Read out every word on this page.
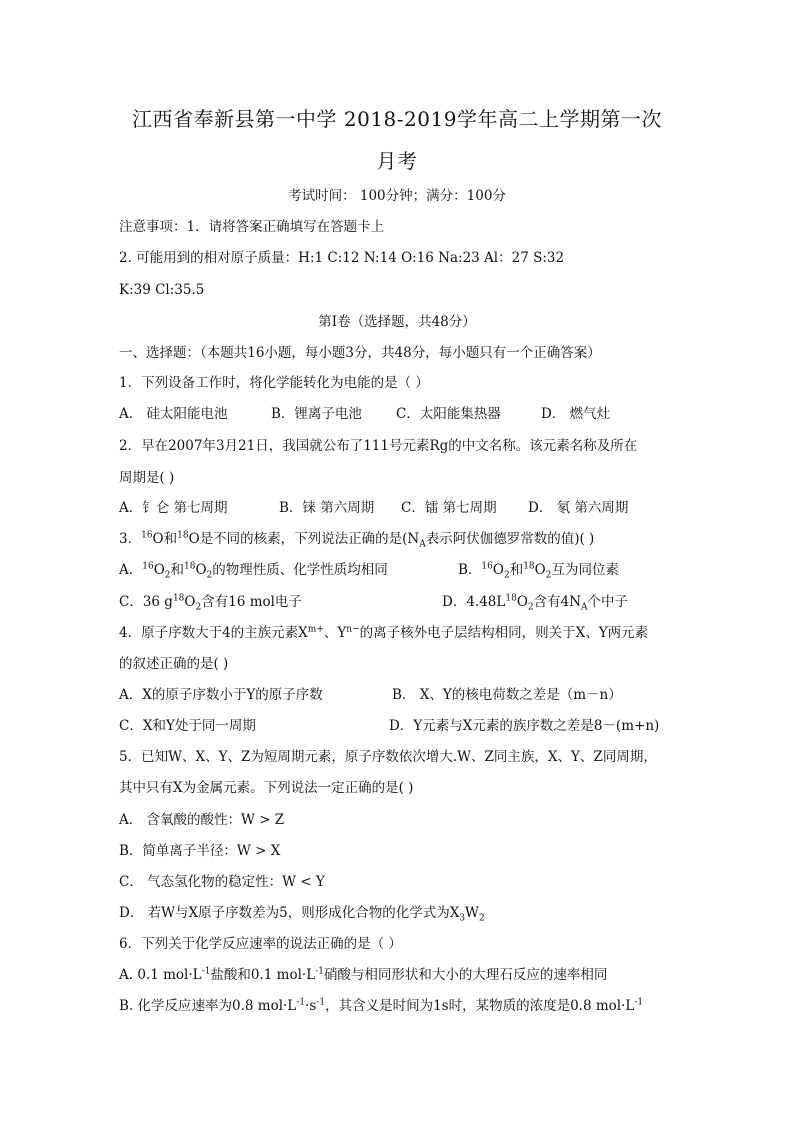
江西省奉新县第一中学 2018-2019学年高二上学期第一次
月考
考试时间： 100分钟；满分：100分
注意事项：1．请将答案正确填写在答题卡上
2. 可能用到的相对原子质量：H:1 C:12 N:14 O:16 Na:23 Al：27 S:32
K:39 Cl:35.5
第I卷（选择题，共48分）
一、选择题：（本题共16小题，每小题3分，共48分，每小题只有一个正确答案）
1．下列设备工作时，将化学能转化为电能的是（ ）
A． 硅太阳能电池	B．锂离子电池	C．太阳能集热器	D． 燃气灶
2．早在2007年3月21日，我国就公布了111号元素Rg的中文名称。该元素名称及所在
周期是( )
A．钅仑 第七周期	B．铼 第六周期 C．镭 第七周期 D． 氡 第六周期
3．$^{16}$O和$^{18}$O是不同的核素，下列说法正确的是($N_A$表示阿伏伽德罗常数的值)( )
A．$^{16}O_2$和$^{18}O_2$的物理性质、化学性质均相同	B．$^{16}O_2$和$^{18}O_2$互为同位素
C．36 $g^{18}O_2$含有16 mol电子	D．$4.48L^{18}O_2$含有$4N_A$个中子
4．原子序数大于4的主族元素$X^{m+}$、$Y^{n-}$的离子核外电子层结构相同，则关于X、Y两元素
的叙述正确的是( )
A．X的原子序数小于Y的原子序数	B． X、Y的核电荷数之差是（m－n）
C．X和Y处于同一周期	D．Y元素与X元素的族序数之差是8－(m+n)
5．已知W、X、Y、Z为短周期元素，原子序数依次增大.W、Z同主族，X、Y、Z同周期，
其中只有X为金属元素。下列说法一定正确的是( )
A． 含氧酸的酸性：W > Z
B．简单离子半径：W > X
C． 气态氢化物的稳定性：W < Y
D． 若W与X原子序数差为5，则形成化合物的化学式为$X_3W_2$
6．下列关于化学反应速率的说法正确的是（ ）
A. 0.1 $mol\cdot L^{-1}$盐酸和0.1 $mol\cdot L^{-1}$硝酸与相同形状和大小的大理石反应的速率相同
B. 化学反应速率为0.8 $mol\cdot L^{-1}\cdot s^{-1}$，其含义是时间为1s时，某物质的浓度是0.8 $mol\cdot L^{-1}$
